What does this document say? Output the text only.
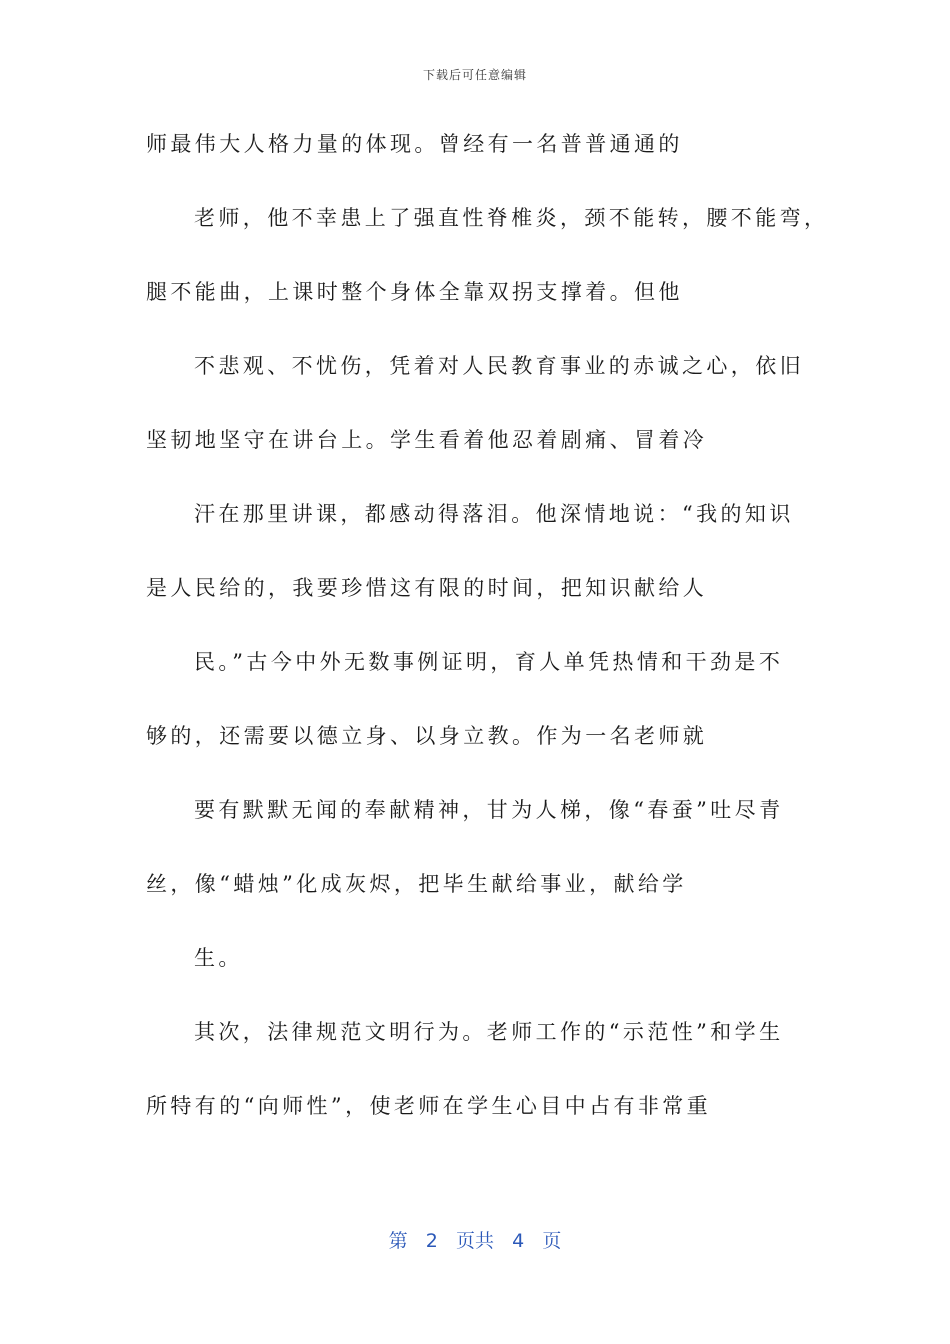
下载后可任意编辑
师最伟大人格力量的体现。曾经有一名普普通通的
老师，他不幸患上了强直性脊椎炎，颈不能转，腰不能弯，
腿不能曲，上课时整个身体全靠双拐支撑着。但他
不悲观、不忧伤，凭着对人民教育事业的赤诚之心，依旧
坚韧地坚守在讲台上。学生看着他忍着剧痛、冒着冷
汗在那里讲课，都感动得落泪。他深情地说：“我的知识
是人民给的，我要珍惜这有限的时间，把知识献给人
民。”古今中外无数事例证明，育人单凭热情和干劲是不
够的，还需要以德立身、以身立教。作为一名老师就
要有默默无闻的奉献精神，甘为人梯，像“春蚕”吐尽青
丝，像“蜡烛”化成灰烬，把毕生献给事业，献给学
生。
其次，法律规范文明行为。老师工作的“示范性”和学生
所特有的“向师性”，使老师在学生心目中占有非常重
第 2 页共 4 页
